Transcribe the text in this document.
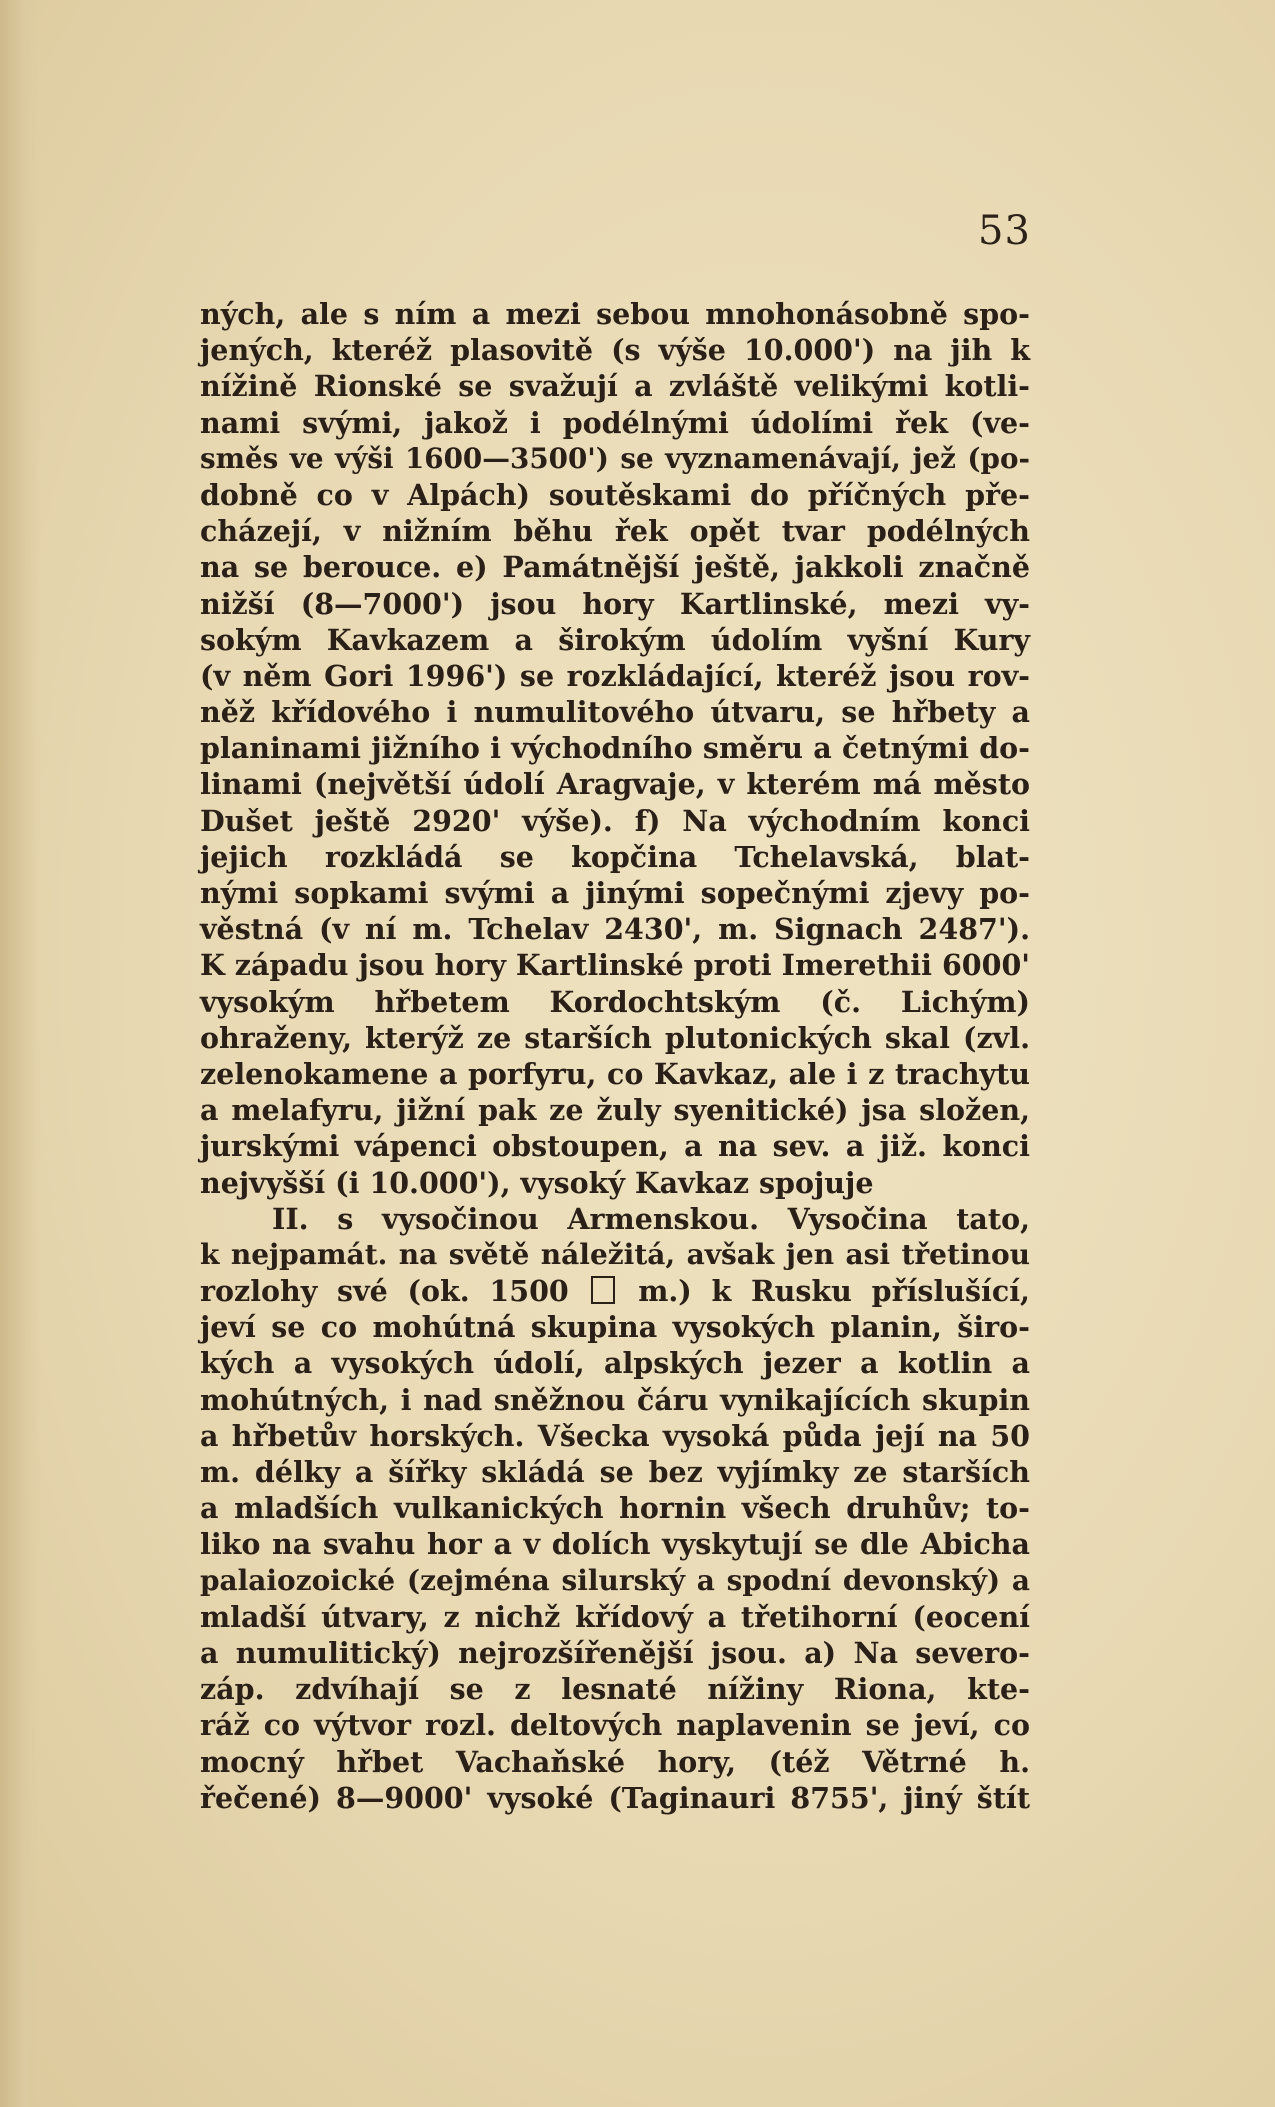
53
ných, ale s ním a mezi sebou mnohonásobně spo-
jených, kteréž plasovitě (s výše 10.000') na jih k
nížině Rionské se svažují a zvláště velikými kotli-
nami svými, jakož i podélnými údolími řek (ve-
směs ve výši 1600—3500') se vyznamenávají, jež (po-
dobně co v Alpách) soutěskami do příčných pře-
cházejí, v nižním běhu řek opět tvar podélných
na se berouce. e) Památnější ještě, jakkoli značně
nižší (8—7000') jsou hory Kartlinské, mezi vy-
sokým Kavkazem a širokým údolím vyšní Kury
(v něm Gori 1996') se rozkládající, kteréž jsou rov-
něž křídového i numulitového útvaru, se hřbety a
planinami jižního i východního směru a četnými do-
linami (největší údolí Aragvaje, v kterém má město
Dušet ještě 2920' výše). f) Na východním konci
jejich rozkládá se kopčina Tchelavská, blat-
nými sopkami svými a jinými sopečnými zjevy po-
věstná (v ní m. Tchelav 2430', m. Signach 2487').
K západu jsou hory Kartlinské proti Imerethii 6000'
vysokým hřbetem Kordochtským (č. Lichým)
ohraženy, kterýž ze starších plutonických skal (zvl.
zelenokamene a porfyru, co Kavkaz, ale i z trachytu
a melafyru, jižní pak ze žuly syenitické) jsa složen,
jurskými vápenci obstoupen, a na sev. a již. konci
nejvyšší (i 10.000'), vysoký Kavkaz spojuje
II. s vysočinou Armenskou. Vysočina tato,
k nejpamát. na světě náležitá, avšak jen asi třetinou
rozlohy své (ok. 1500  m.) k Rusku příslušící,
jeví se co mohútná skupina vysokých planin, širo-
kých a vysokých údolí, alpských jezer a kotlin a
mohútných, i nad sněžnou čáru vynikajících skupin
a hřbetův horských. Všecka vysoká půda její na 50
m. délky a šířky skládá se bez vyjímky ze starších
a mladších vulkanických hornin všech druhův; to-
liko na svahu hor a v dolích vyskytují se dle Abicha
palaiozoické (zejména silurský a spodní devonský) a
mladší útvary, z nichž křídový a třetihorní (eocení
a numulitický) nejrozšířenější jsou. a) Na severo-
záp. zdvíhají se z lesnaté nížiny Riona, kte-
ráž co výtvor rozl. deltových naplavenin se jeví, co
mocný hřbet Vachaňské hory, (též Větrné h.
řečené) 8—9000' vysoké (Taginauri 8755', jiný štít
